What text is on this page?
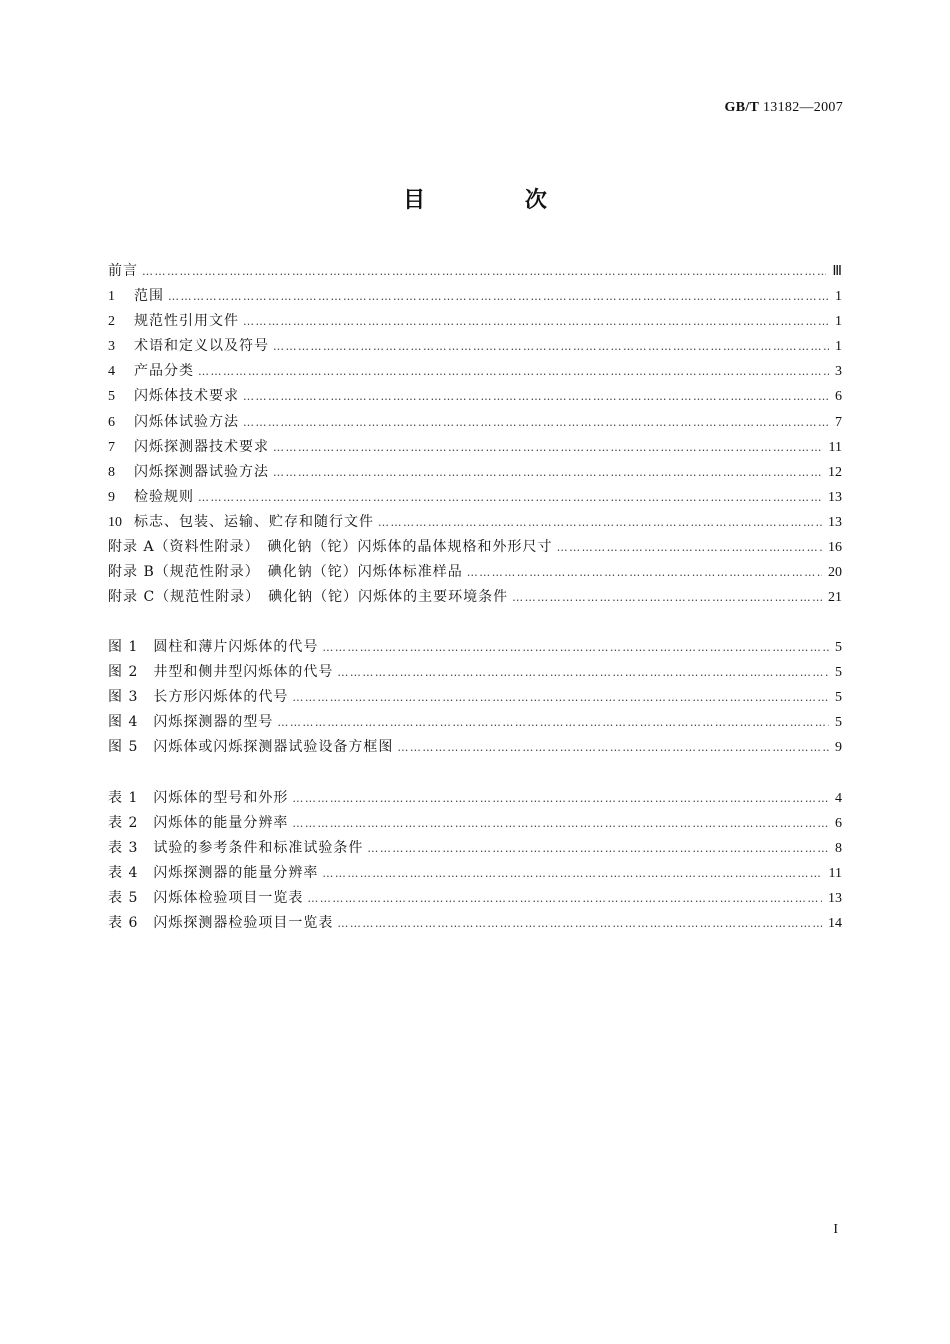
GB/T 13182—2007
目 次
前言 ………………………………………………………………………………………………………………………………………………………………………………………………………………………	Ⅲ
1 范围 ………………………………………………………………………………………………………………………………………………………………………………………………………………………	1
2 规范性引用文件 ………………………………………………………………………………………………………………………………………………………………………………………………………………………	1
3 术语和定义以及符号 ………………………………………………………………………………………………………………………………………………………………………………………………………………………	1
4 产品分类 ………………………………………………………………………………………………………………………………………………………………………………………………………………………	3
5 闪烁体技术要求 ………………………………………………………………………………………………………………………………………………………………………………………………………………………	6
6 闪烁体试验方法 ………………………………………………………………………………………………………………………………………………………………………………………………………………………	7
7 闪烁探测器技术要求 ………………………………………………………………………………………………………………………………………………………………………………………………………………………	11
8 闪烁探测器试验方法 ………………………………………………………………………………………………………………………………………………………………………………………………………………………	12
9 检验规则 ………………………………………………………………………………………………………………………………………………………………………………………………………………………	13
10 标志、包装、运输、贮存和随行文件 ………………………………………………………………………………………………………………………………………………………………………………………………………………………	13
附录 A（资料性附录）　碘化钠（铊）闪烁体的晶体规格和外形尺寸 ………………………………………………………………………………………………………………………………………………………………………………………………………………………	16
附录 B（规范性附录）　碘化钠（铊）闪烁体标准样品 ………………………………………………………………………………………………………………………………………………………………………………………………………………………	20
附录 C（规范性附录）　碘化钠（铊）闪烁体的主要环境条件 ………………………………………………………………………………………………………………………………………………………………………………………………………………………	21
图 1　圆柱和薄片闪烁体的代号 ………………………………………………………………………………………………………………………………………………………………………………………………………………………	5
图 2　井型和侧井型闪烁体的代号 ………………………………………………………………………………………………………………………………………………………………………………………………………………………	5
图 3　长方形闪烁体的代号 ………………………………………………………………………………………………………………………………………………………………………………………………………………………	5
图 4　闪烁探测器的型号 ………………………………………………………………………………………………………………………………………………………………………………………………………………………	5
图 5　闪烁体或闪烁探测器试验设备方框图 ………………………………………………………………………………………………………………………………………………………………………………………………………………………	9
表 1　闪烁体的型号和外形 ………………………………………………………………………………………………………………………………………………………………………………………………………………………	4
表 2　闪烁体的能量分辨率 ………………………………………………………………………………………………………………………………………………………………………………………………………………………	6
表 3　试验的参考条件和标准试验条件 ………………………………………………………………………………………………………………………………………………………………………………………………………………………	8
表 4　闪烁探测器的能量分辨率 ………………………………………………………………………………………………………………………………………………………………………………………………………………………	11
表 5　闪烁体检验项目一览表 ………………………………………………………………………………………………………………………………………………………………………………………………………………………	13
表 6　闪烁探测器检验项目一览表 ………………………………………………………………………………………………………………………………………………………………………………………………………………………	14
I
